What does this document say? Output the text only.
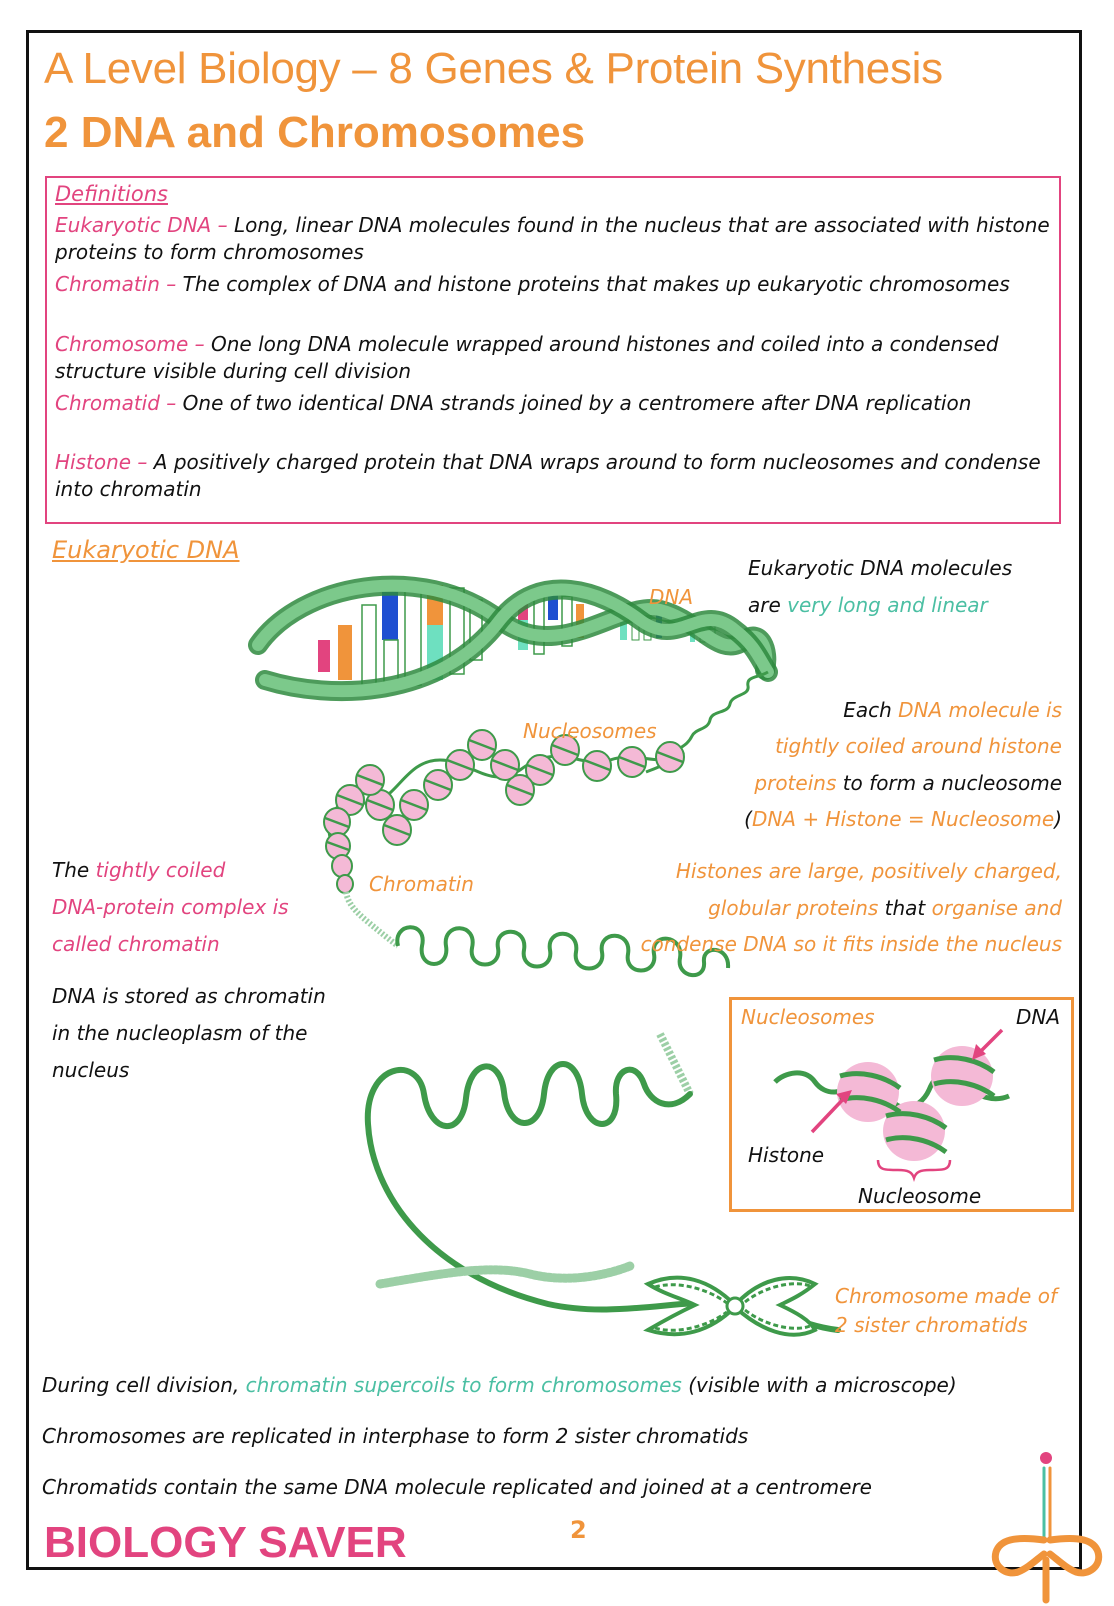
A Level Biology – 8 Genes & Protein Synthesis
2 DNA and Chromosomes
Definitions
Eukaryotic DNA – Long, linear DNA molecules found in the nucleus that are associated with histone proteins to form chromosomes
Chromatin – The complex of DNA and histone proteins that makes up eukaryotic chromosomes
Chromosome – One long DNA molecule wrapped around histones and coiled into a condensed structure visible during cell division
Chromatid – One of two identical DNA strands joined by a centromere after DNA replication
Histone – A positively charged protein that DNA wraps around to form nucleosomes and condense into chromatin
Eukaryotic DNA
DNA
Nucleosomes
Chromatin
Eukaryotic DNA molecules
are very long and linear
Each DNA molecule is
tightly coiled around histone
proteins to form a nucleosome
(DNA + Histone = Nucleosome)
Histones are large, positively charged,
globular proteins that organise and
condense DNA so it fits inside the nucleus
The tightly coiled
DNA-protein complex is
called chromatin
DNA is stored as chromatin
in the nucleoplasm of the
nucleus
Nucleosomes	DNA
Histone
Nucleosome
Chromosome made of
2 sister chromatids
During cell division, chromatin supercoils to form chromosomes (visible with a microscope)
Chromosomes are replicated in interphase to form 2 sister chromatids
Chromatids contain the same DNA molecule replicated and joined at a centromere
BIOLOGY SAVER	2
